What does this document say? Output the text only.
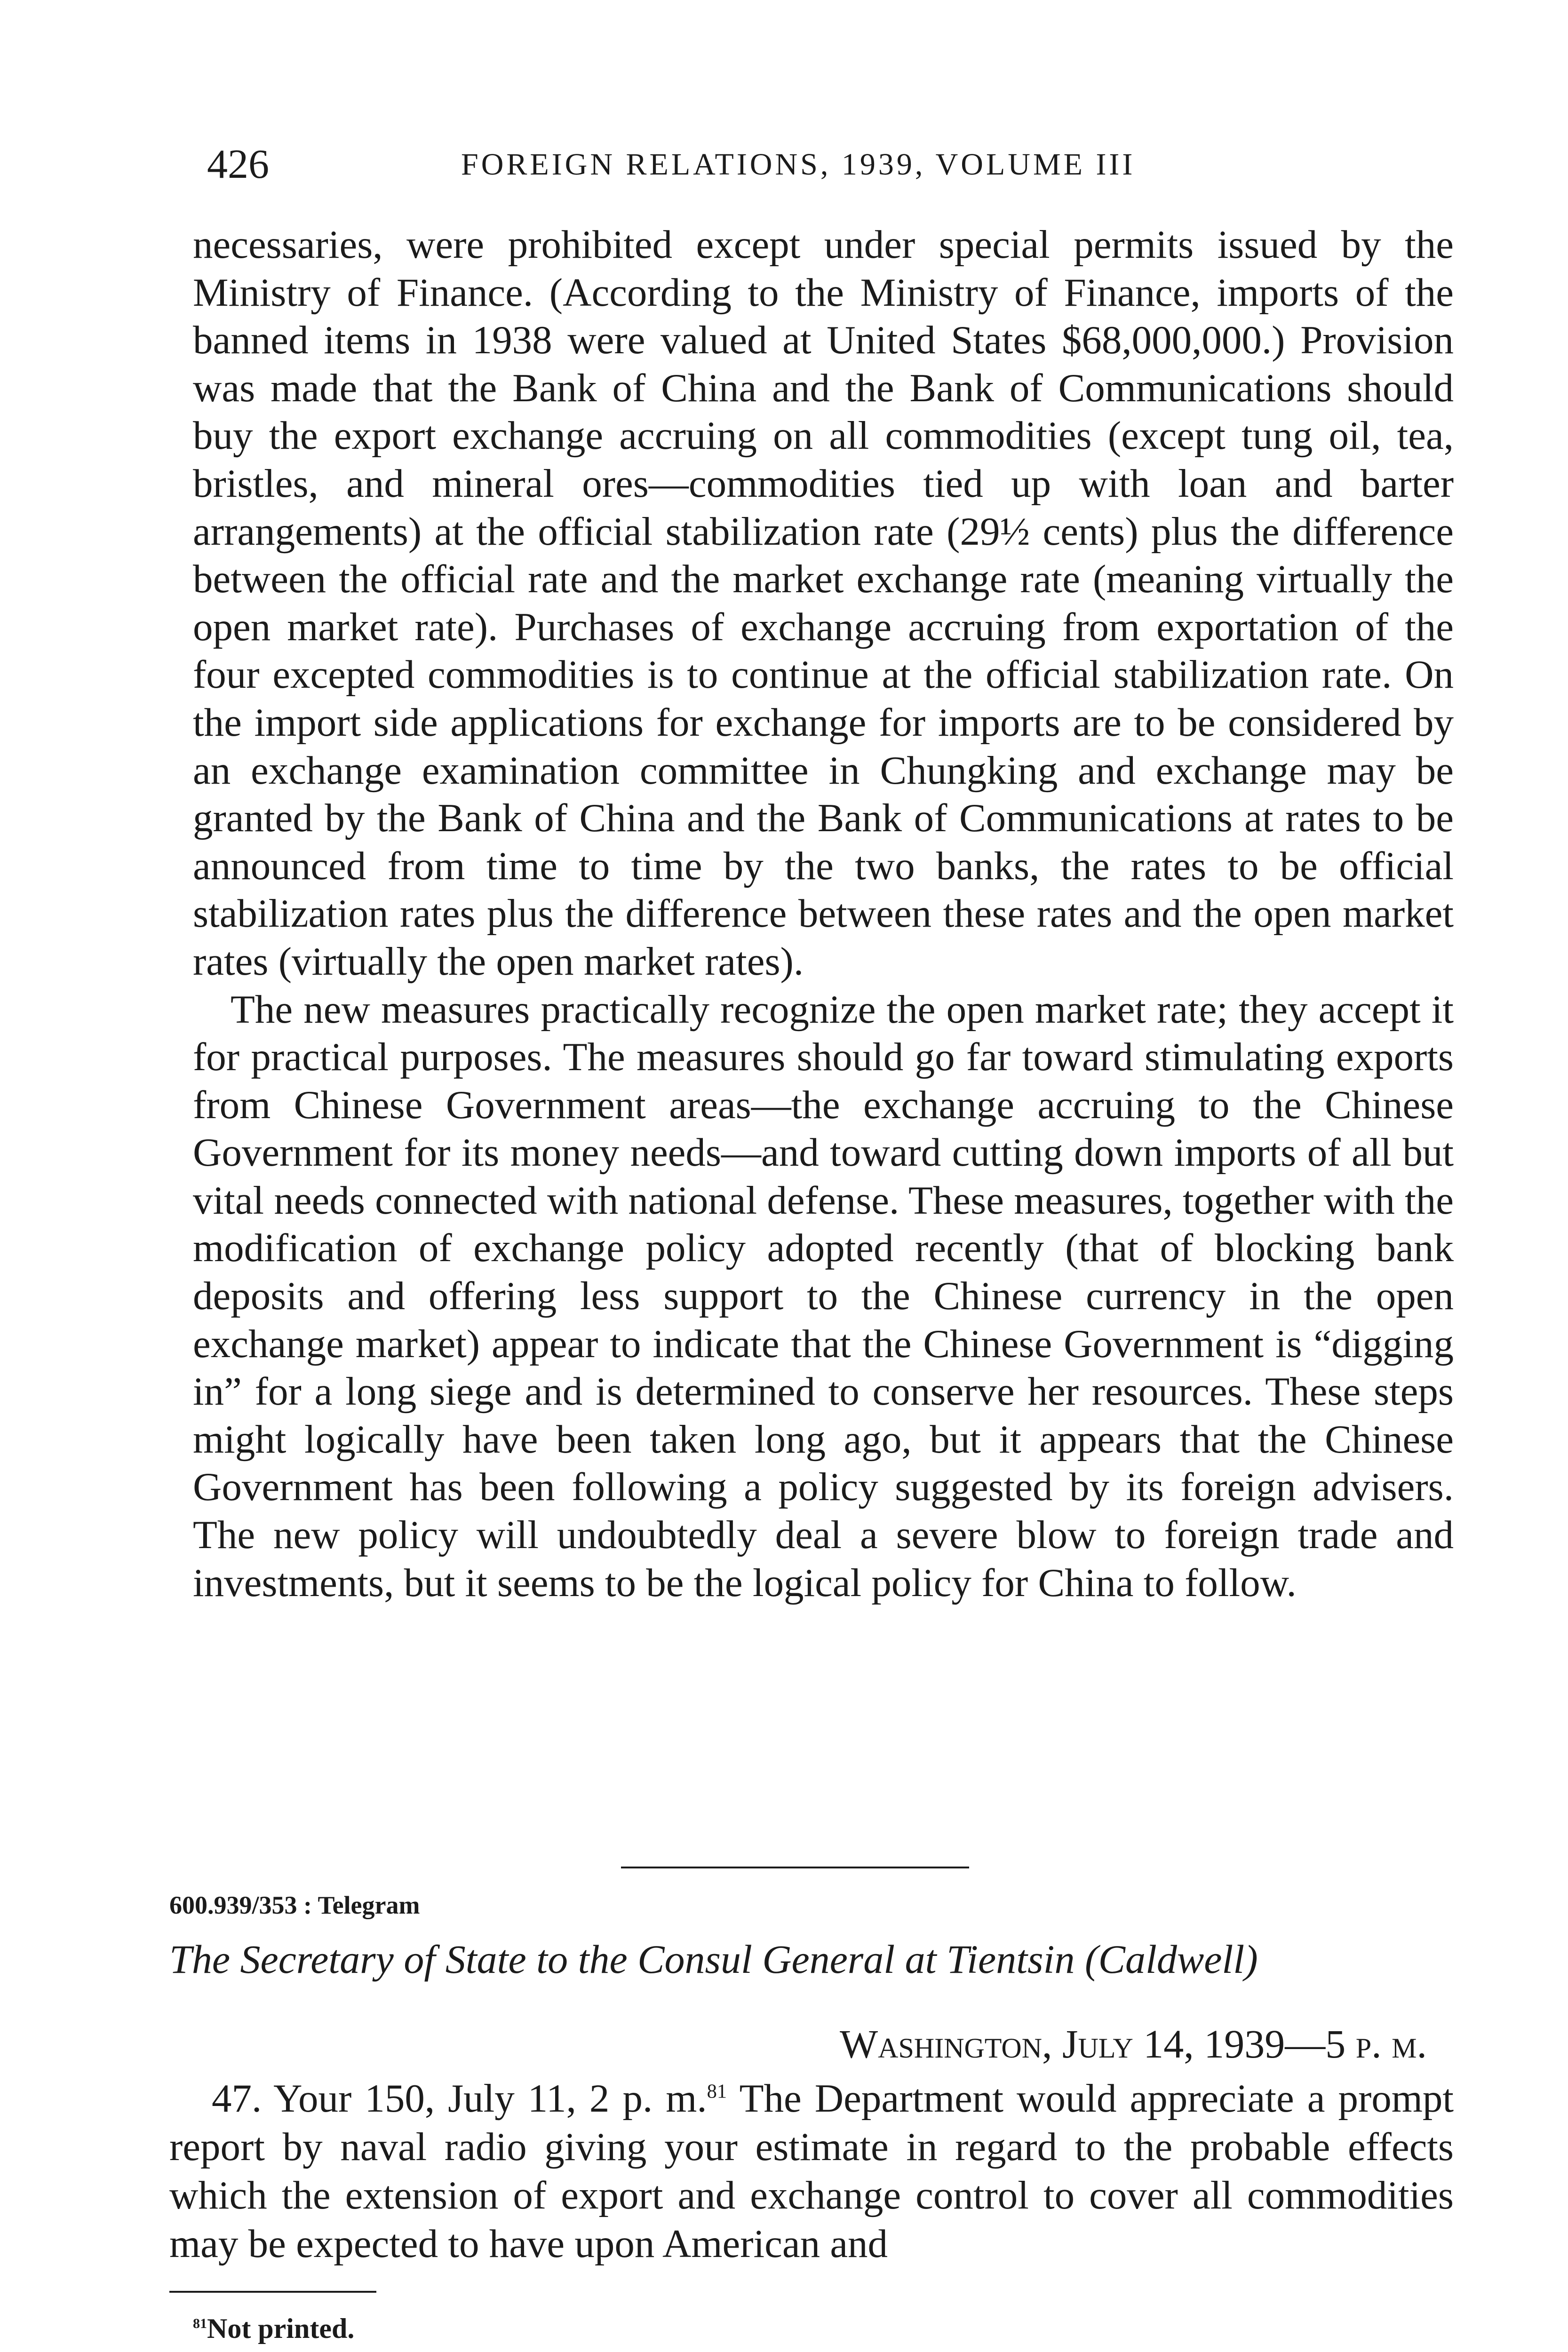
426	FOREIGN RELATIONS, 1939, VOLUME III

necessaries, were prohibited except under special permits issued by the Ministry of Finance. (According to the Ministry of Finance, imports of the banned items in 1938 were valued at United States $68,000,000.) Provision was made that the Bank of China and the Bank of Communications should buy the export exchange accruing on all commodities (except tung oil, tea, bristles, and mineral ores—commodities tied up with loan and barter arrangements) at the official stabilization rate (29½ cents) plus the difference between the official rate and the market exchange rate (meaning virtually the open market rate). Purchases of exchange accruing from exportation of the four excepted commodities is to continue at the official stabilization rate. On the import side applications for exchange for imports are to be considered by an exchange examination committee in Chungking and exchange may be granted by the Bank of China and the Bank of Communications at rates to be announced from time to time by the two banks, the rates to be official stabilization rates plus the difference between these rates and the open market rates (virtually the open market rates).

The new measures practically recognize the open market rate; they accept it for practical purposes. The measures should go far toward stimulating exports from Chinese Government areas—the exchange accruing to the Chinese Government for its money needs—and toward cutting down imports of all but vital needs connected with national defense. These measures, together with the modification of exchange policy adopted recently (that of blocking bank deposits and offering less support to the Chinese currency in the open exchange market) appear to indicate that the Chinese Government is “digging in” for a long siege and is determined to conserve her resources. These steps might logically have been taken long ago, but it appears that the Chinese Government has been following a policy suggested by its foreign advisers. The new policy will undoubtedly deal a severe blow to foreign trade and investments, but it seems to be the logical policy for China to follow.

600.939/353 : Telegram
The Secretary of State to the Consul General at Tientsin (Caldwell)
Washington, July 14, 1939—5 p. m.

47. Your 150, July 11, 2 p. m.$^{81}$ The Department would appreciate a prompt report by naval radio giving your estimate in regard to the probable effects which the extension of export and exchange control to cover all commodities may be expected to have upon American and

$^{81}$Not printed.
